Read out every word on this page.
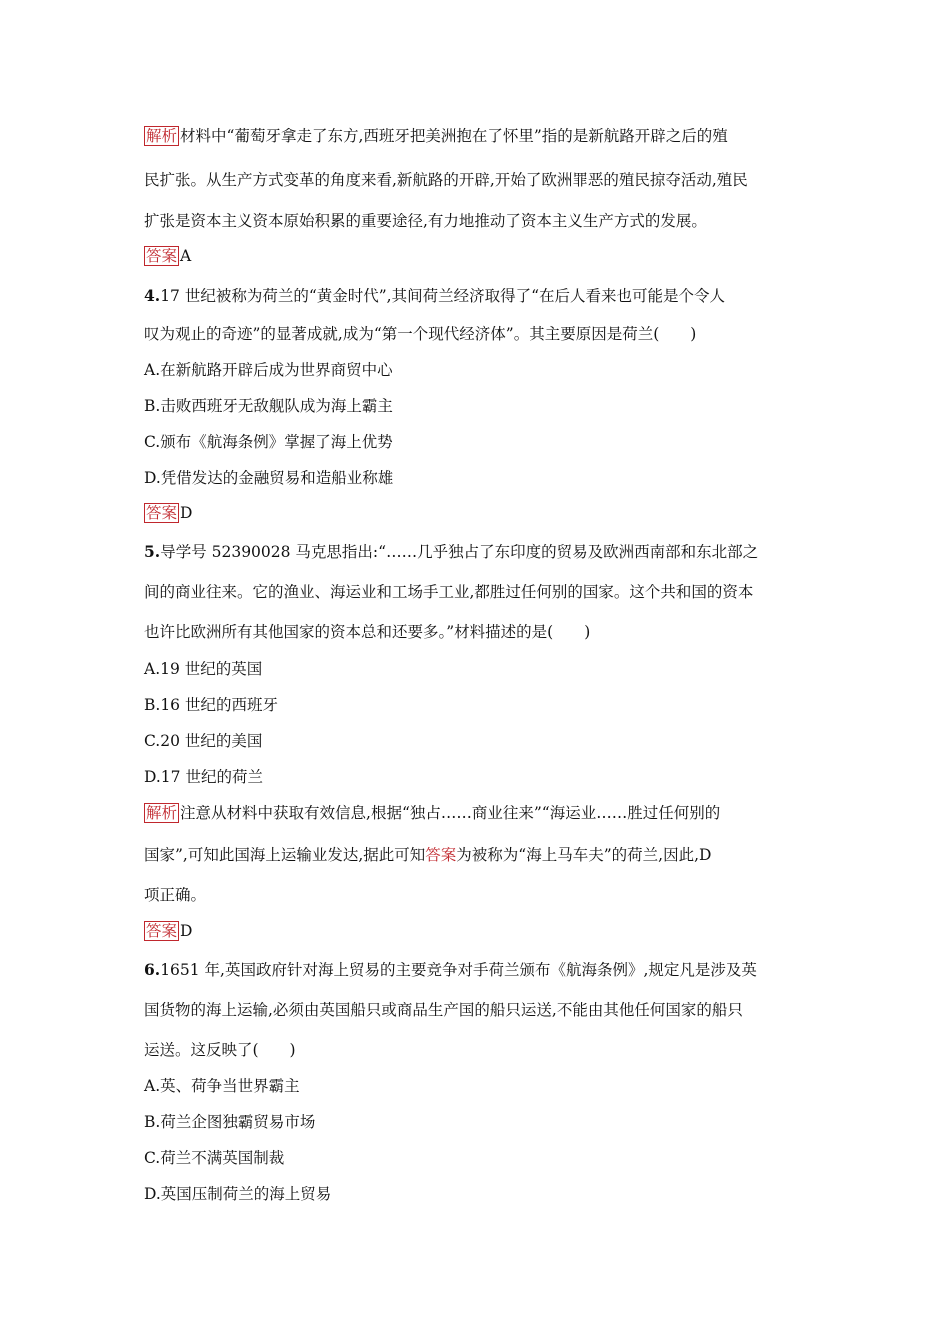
解析 材料中“葡萄牙拿走了东方,西班牙把美洲抱在了怀里”指的是新航路开辟之后的殖
民扩张。从生产方式变革的角度来看,新航路的开辟,开始了欧洲罪恶的殖民掠夺活动,殖民
扩张是资本主义资本原始积累的重要途径,有力地推动了资本主义生产方式的发展。
答案 A
4.17 世纪被称为荷兰的“黄金时代”,其间荷兰经济取得了“在后人看来也可能是个令人
叹为观止的奇迹”的显著成就,成为“第一个现代经济体”。其主要原因是荷兰(　　)
A.在新航路开辟后成为世界商贸中心
B.击败西班牙无敌舰队成为海上霸主
C.颁布《航海条例》掌握了海上优势
D.凭借发达的金融贸易和造船业称雄
答案 D
5.导学号 52390028 马克思指出:“……几乎独占了东印度的贸易及欧洲西南部和东北部之
间的商业往来。它的渔业、海运业和工场手工业,都胜过任何别的国家。这个共和国的资本
也许比欧洲所有其他国家的资本总和还要多。”材料描述的是(　　)
A.19 世纪的英国
B.16 世纪的西班牙
C.20 世纪的美国
D.17 世纪的荷兰
解析 注意从材料中获取有效信息,根据“独占……商业往来”“海运业……胜过任何别的
国家”,可知此国海上运输业发达,据此可知答案为被称为“海上马车夫”的荷兰,因此,D
项正确。
答案 D
6.1651 年,英国政府针对海上贸易的主要竞争对手荷兰颁布《航海条例》,规定凡是涉及英
国货物的海上运输,必须由英国船只或商品生产国的船只运送,不能由其他任何国家的船只
运送。这反映了(　　)
A.英、荷争当世界霸主
B.荷兰企图独霸贸易市场
C.荷兰不满英国制裁
D.英国压制荷兰的海上贸易
